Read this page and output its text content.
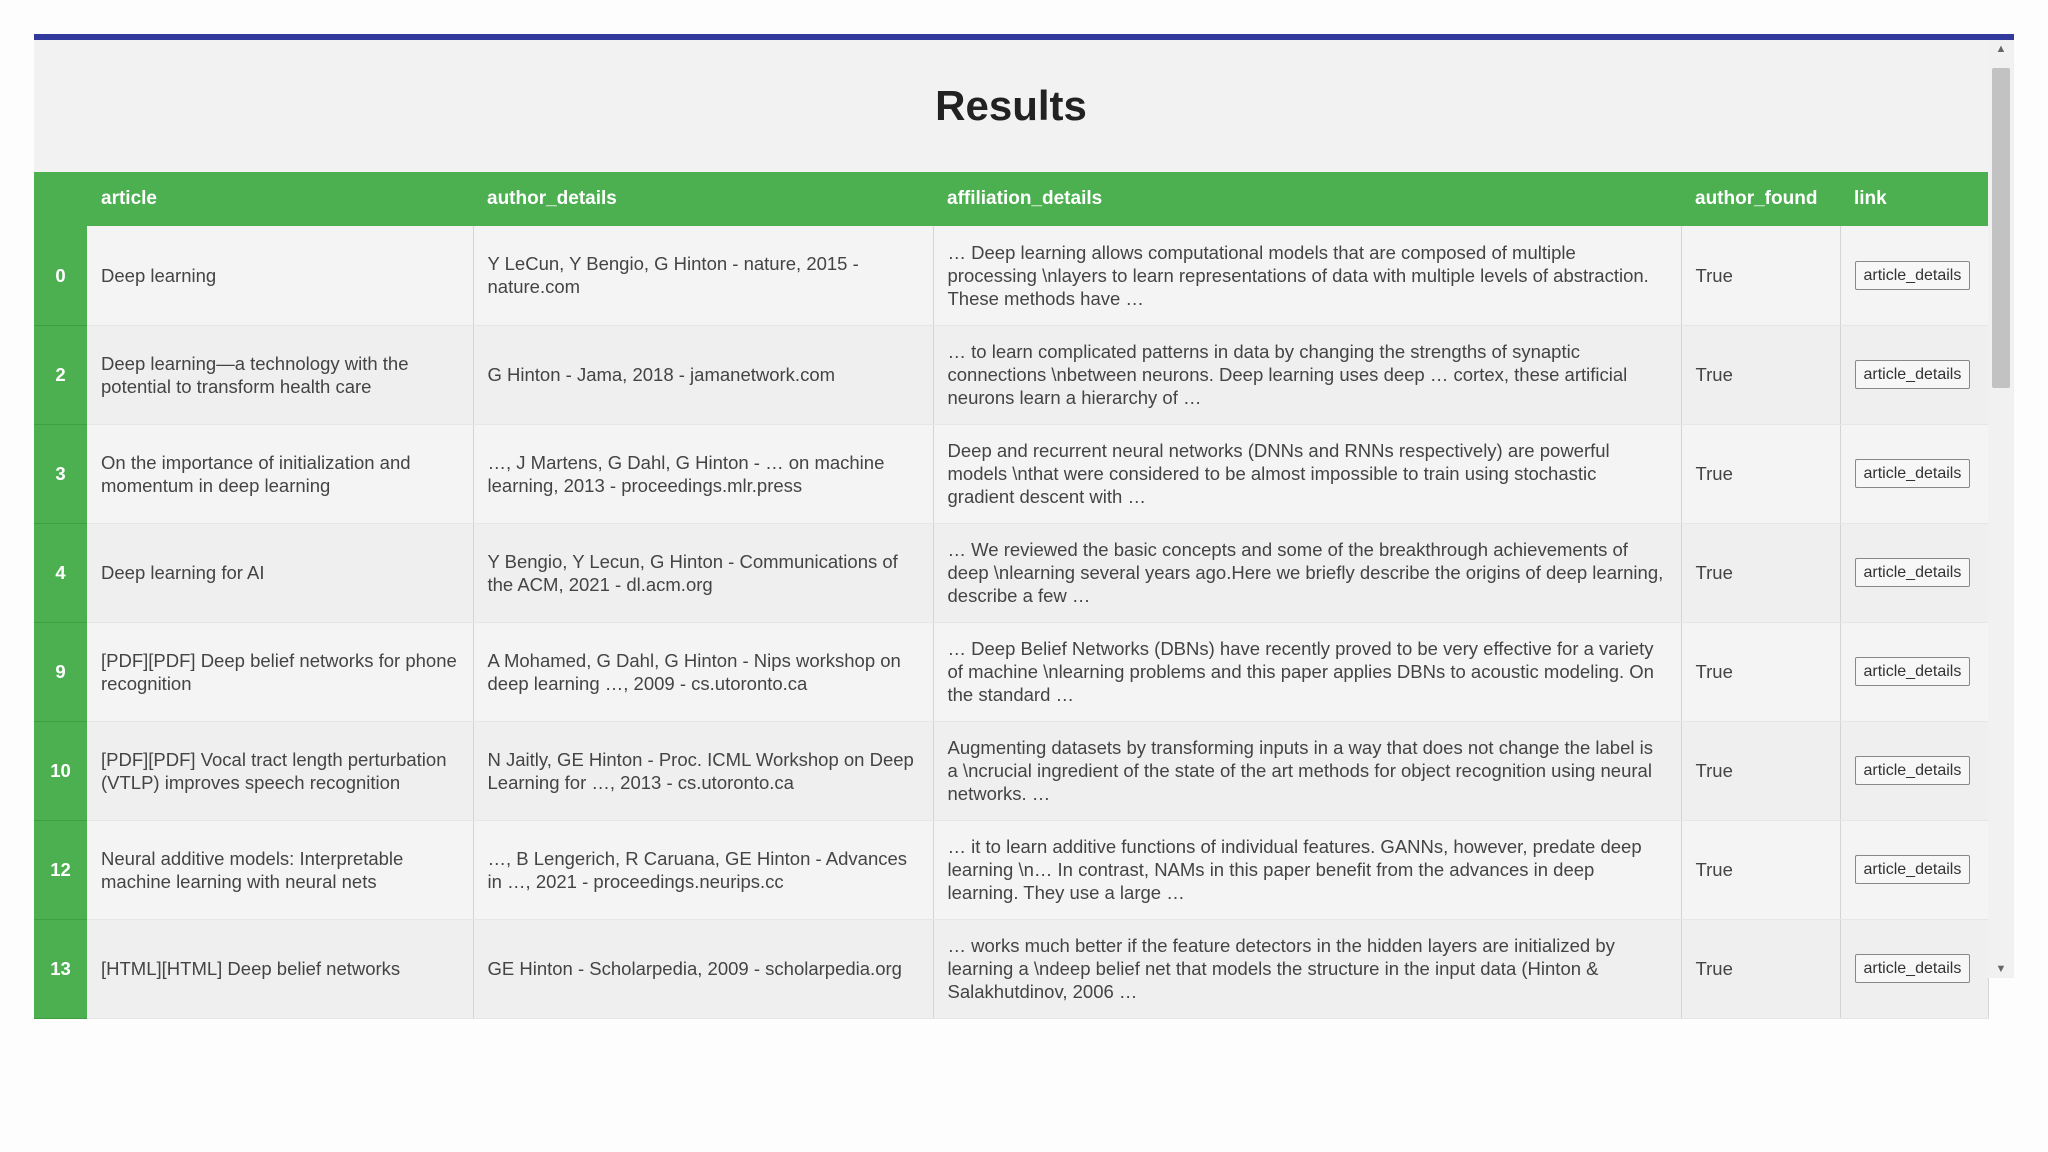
Results
	article	author_details	affiliation_details	author_found	link
0	Deep learning	Y LeCun, Y Bengio, G Hinton - nature, 2015 - nature.com	… Deep learning allows computational models that are composed of multiple processing \nlayers to learn representations of data with multiple levels of abstraction. These methods have …	True	article_details
2	Deep learning—a technology with the potential to transform health care	G Hinton - Jama, 2018 - jamanetwork.com	… to learn complicated patterns in data by changing the strengths of synaptic connections \nbetween neurons. Deep learning uses deep … cortex, these artificial neurons learn a hierarchy of …	True	article_details
3	On the importance of initialization and momentum in deep learning	…, J Martens, G Dahl, G Hinton - … on machine learning, 2013 - proceedings.mlr.press	Deep and recurrent neural networks (DNNs and RNNs respectively) are powerful models \nthat were considered to be almost impossible to train using stochastic gradient descent with …	True	article_details
4	Deep learning for AI	Y Bengio, Y Lecun, G Hinton - Communications of the ACM, 2021 - dl.acm.org	… We reviewed the basic concepts and some of the breakthrough achievements of deep \nlearning several years ago.Here we briefly describe the origins of deep learning, describe a few …	True	article_details
9	[PDF][PDF] Deep belief networks for phone recognition	A Mohamed, G Dahl, G Hinton - Nips workshop on deep learning …, 2009 - cs.utoronto.ca	… Deep Belief Networks (DBNs) have recently proved to be very effective for a variety of machine \nlearning problems and this paper applies DBNs to acoustic modeling. On the standard …	True	article_details
10	[PDF][PDF] Vocal tract length perturbation (VTLP) improves speech recognition	N Jaitly, GE Hinton - Proc. ICML Workshop on Deep Learning for …, 2013 - cs.utoronto.ca	Augmenting datasets by transforming inputs in a way that does not change the label is a \ncrucial ingredient of the state of the art methods for object recognition using neural networks. …	True	article_details
12	Neural additive models: Interpretable machine learning with neural nets	…, B Lengerich, R Caruana, GE Hinton - Advances in …, 2021 - proceedings.neurips.cc	… it to learn additive functions of individual features. GANNs, however, predate deep learning \n… In contrast, NAMs in this paper benefit from the advances in deep learning. They use a large …	True	article_details
13	[HTML][HTML] Deep belief networks	GE Hinton - Scholarpedia, 2009 - scholarpedia.org	… works much better if the feature detectors in the hidden layers are initialized by learning a \ndeep belief net that models the structure in the input data (Hinton & Salakhutdinov, 2006 …	True	article_details
▲
▼
